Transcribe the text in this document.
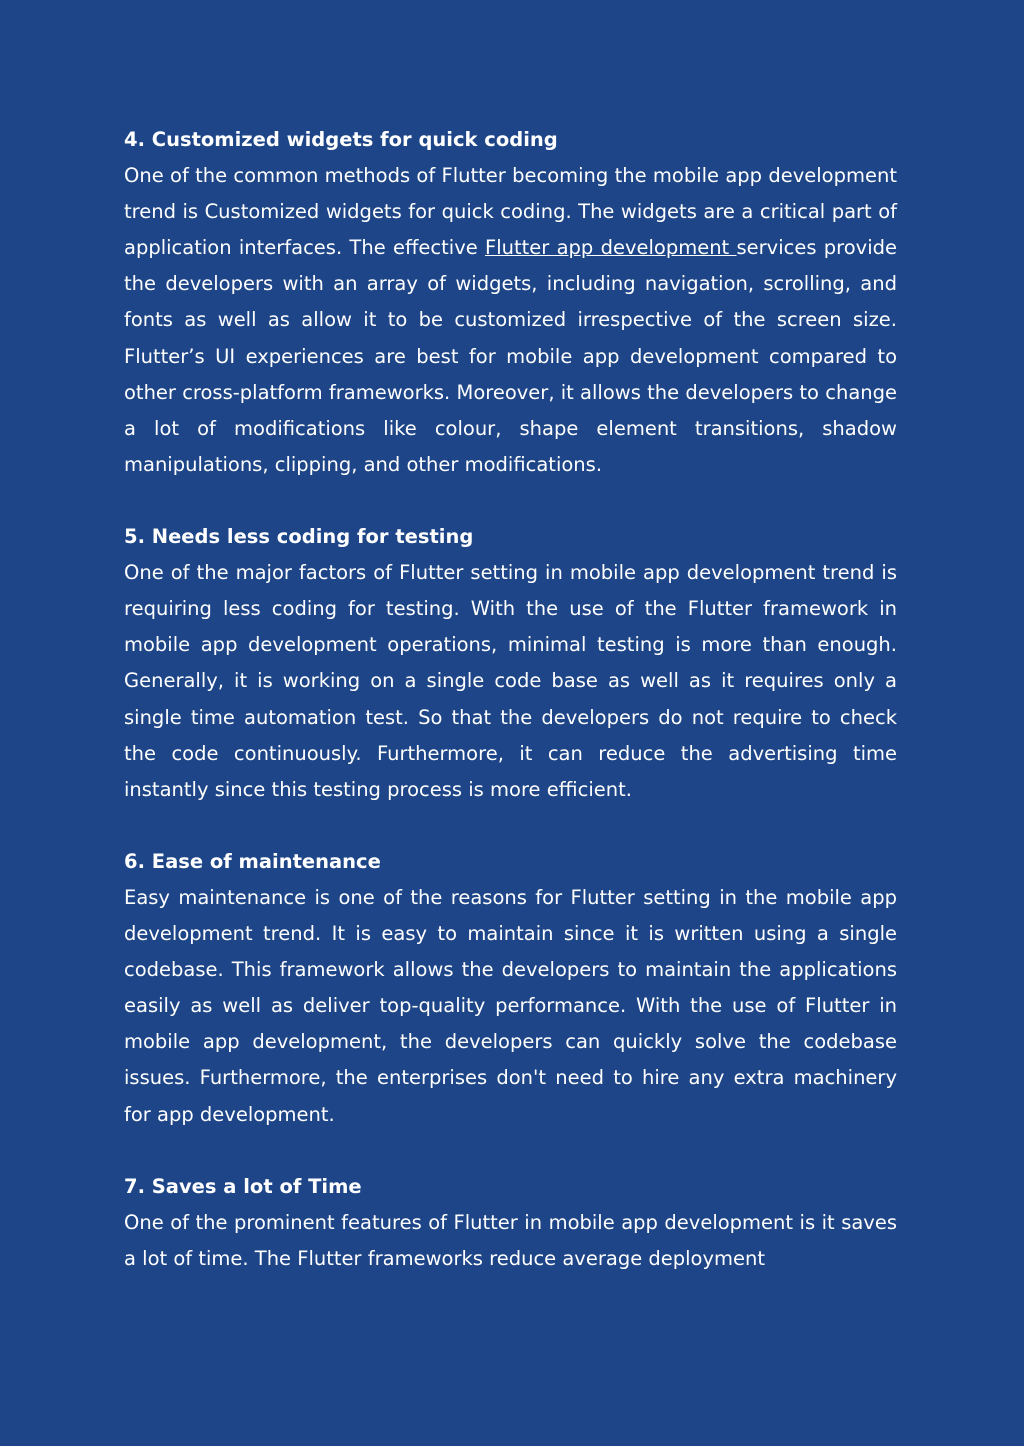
4. Customized widgets for quick coding

One of the common methods of Flutter becoming the mobile app development trend is Customized widgets for quick coding. The widgets are a critical part of application interfaces. The effective Flutter app development services provide the developers with an array of widgets, including navigation, scrolling, and fonts as well as allow it to be customized irrespective of the screen size. Flutter’s UI experiences are best for mobile app development compared to other cross-platform frameworks. Moreover, it allows the developers to change a lot of modifications like colour, shape element transitions, shadow manipulations, clipping, and other modifications.

5. Needs less coding for testing

One of the major factors of Flutter setting in mobile app development trend is requiring less coding for testing. With the use of the Flutter framework in mobile app development operations, minimal testing is more than enough. Generally, it is working on a single code base as well as it requires only a single time automation test. So that the developers do not require to check the code continuously. Furthermore, it can reduce the advertising time instantly since this testing process is more efficient.

6. Ease of maintenance

Easy maintenance is one of the reasons for Flutter setting in the mobile app development trend. It is easy to maintain since it is written using a single codebase. This framework allows the developers to maintain the applications easily as well as deliver top-quality performance. With the use of Flutter in mobile app development, the developers can quickly solve the codebase issues. Furthermore, the enterprises don't need to hire any extra machinery for app development.

7. Saves a lot of Time

One of the prominent features of Flutter in mobile app development is it saves a lot of time. The Flutter frameworks reduce average deployment
